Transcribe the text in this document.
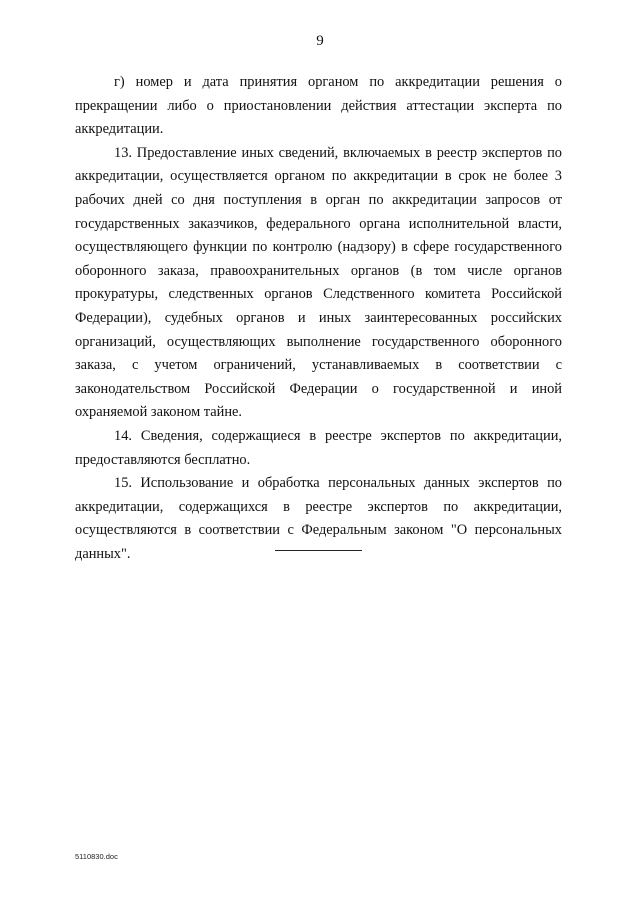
9

г) номер и дата принятия органом по аккредитации решения о прекращении либо о приостановлении действия аттестации эксперта по аккредитации.

13. Предоставление иных сведений, включаемых в реестр экспертов по аккредитации, осуществляется органом по аккредитации в срок не более 3 рабочих дней со дня поступления в орган по аккредитации запросов от государственных заказчиков, федерального органа исполнительной власти, осуществляющего функции по контролю (надзору) в сфере государственного оборонного заказа, правоохранительных органов (в том числе органов прокуратуры, следственных органов Следственного комитета Российской Федерации), судебных органов и иных заинтересованных российских организаций, осуществляющих выполнение государственного оборонного заказа, с учетом ограничений, устанавливаемых в соответствии с законодательством Российской Федерации о государственной и иной охраняемой законом тайне.

14. Сведения, содержащиеся в реестре экспертов по аккредитации, предоставляются бесплатно.

15. Использование и обработка персональных данных экспертов по аккредитации, содержащихся в реестре экспертов по аккредитации, осуществляются в соответствии с Федеральным законом "О персональных данных".

5110830.doc
